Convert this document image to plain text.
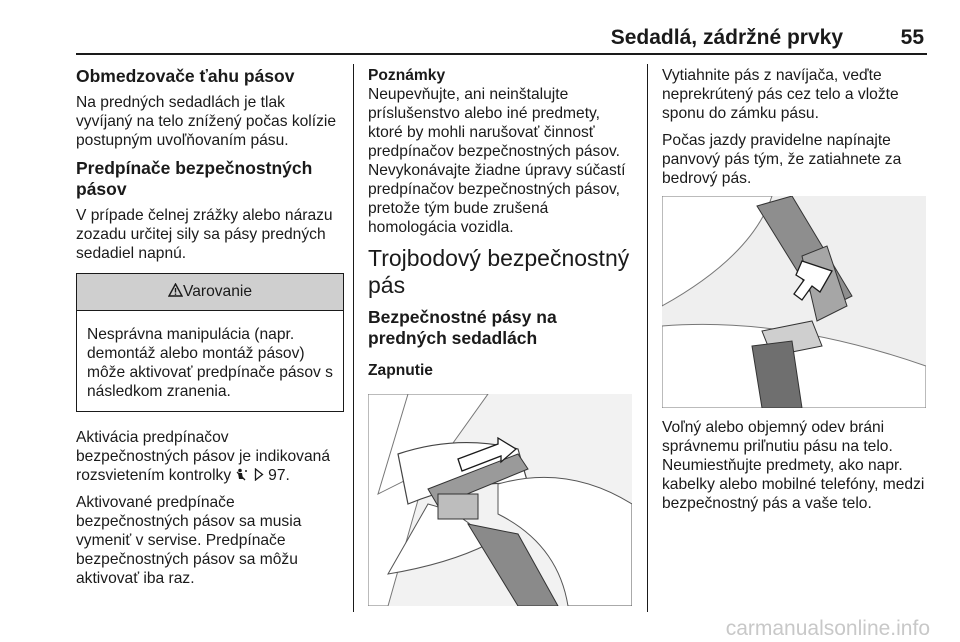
Sedadlá, zádržné prvky	55
Obmedzovače ťahu pásov

Na predných sedadlách je tlak vyvíjaný na telo znížený počas kolízie postupným uvoľňovaním pásu.

Predpínače bezpečnostných pásov

V prípade čelnej zrážky alebo nárazu zozadu určitej sily sa pásy predných sedadiel napnú.

Varovanie

Nesprávna manipulácia (napr. demontáž alebo montáž pásov) môže aktivovať predpínače pásov s následkom zranenia.

Aktivácia predpínačov bezpečnostných pásov je indikovaná rozsvietením kontrolky 97.

Aktivované predpínače bezpečnostných pásov sa musia vymeniť v servise. Predpínače bezpečnostných pásov sa môžu aktivovať iba raz.

Poznámky

Neupevňujte, ani neinštalujte príslušenstvo alebo iné predmety, ktoré by mohli narušovať činnosť predpínačov bezpečnostných pásov. Nevykonávajte žiadne úpravy súčastí predpínačov bezpečnostných pásov, pretože tým bude zrušená homologácia vozidla.

Trojbodový bezpečnostný pás
Bezpečnostné pásy na predných sedadlách
Zapnutie

Vytiahnite pás z navíjača, veďte neprekrútený pás cez telo a vložte sponu do zámku pásu.

Počas jazdy pravidelne napínajte panvový pás tým, že zatiahnete za bedrový pás.

Voľný alebo objemný odev bráni správnemu priľnutiu pásu na telo. Neumiestňujte predmety, ako napr. kabelky alebo mobilné telefóny, medzi bezpečnostný pás a vaše telo.

carmanualsonline.info
